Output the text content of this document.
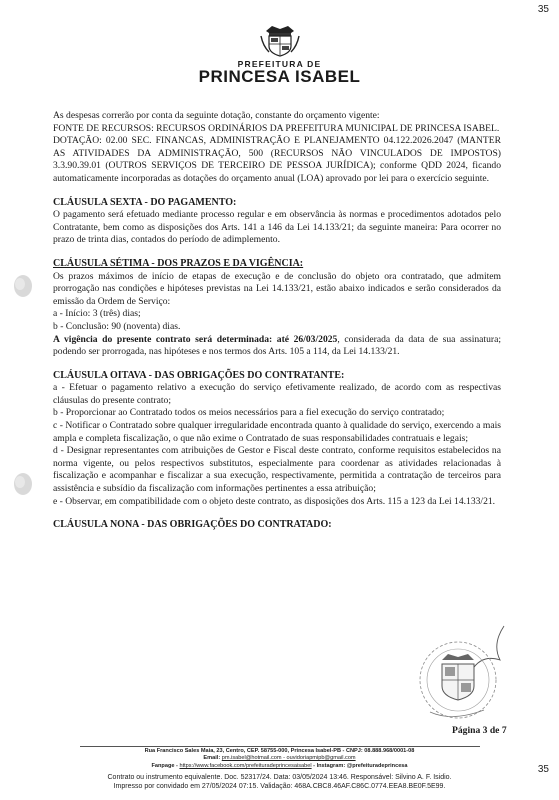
35
PREFEITURA DE
PRINCESA ISABEL

As despesas correrão por conta da seguinte dotação, constante do orçamento vigente:

FONTE DE RECURSOS: RECURSOS ORDINÁRIOS DA PREFEITURA MUNICIPAL DE PRINCESA ISABEL.

DOTAÇÃO: 02.00 SEC. FINANCAS, ADMINISTRAÇÃO E PLANEJAMENTO 04.122.2026.2047 (MANTER AS ATIVIDADES DA ADMINISTRAÇÃO, 500 (RECURSOS NÃO VINCULADOS DE IMPOSTOS) 3.3.90.39.01 (OUTROS SERVIÇOS DE TERCEIRO DE PESSOA JURÍDICA); conforme QDD 2024, ficando automaticamente incorporadas as dotações do orçamento anual (LOA) aprovado por lei para o exercício seguinte.

CLÁUSULA SEXTA - DO PAGAMENTO:

O pagamento será efetuado mediante processo regular e em observância às normas e procedimentos adotados pelo Contratante, bem como as disposições dos Arts. 141 a 146 da Lei 14.133/21; da seguinte maneira: Para ocorrer no prazo de trinta dias, contados do período de adimplemento.

CLÁUSULA SÉTIMA - DOS PRAZOS E DA VIGÊNCIA:

Os prazos máximos de início de etapas de execução e de conclusão do objeto ora contratado, que admitem prorrogação nas condições e hipóteses previstas na Lei 14.133/21, estão abaixo indicados e serão considerados da emissão da Ordem de Serviço:

a - Início: 3 (três) dias;

b - Conclusão: 90 (noventa) dias.

A vigência do presente contrato será determinada: até 26/03/2025, considerada da data de sua assinatura; podendo ser prorrogada, nas hipóteses e nos termos dos Arts. 105 a 114, da Lei 14.133/21.

CLÁUSULA OITAVA - DAS OBRIGAÇÕES DO CONTRATANTE:

a - Efetuar o pagamento relativo a execução do serviço efetivamente realizado, de acordo com as respectivas cláusulas do presente contrato;

b - Proporcionar ao Contratado todos os meios necessários para a fiel execução do serviço contratado;

c - Notificar o Contratado sobre qualquer irregularidade encontrada quanto à qualidade do serviço, exercendo a mais ampla e completa fiscalização, o que não exime o Contratado de suas responsabilidades contratuais e legais;

d - Designar representantes com atribuições de Gestor e Fiscal deste contrato, conforme requisitos estabelecidos na norma vigente, ou pelos respectivos substitutos, especialmente para coordenar as atividades relacionadas à fiscalização e acompanhar e fiscalizar a sua execução, respectivamente, permitida a contratação de terceiros para assistência e subsídio da fiscalização com informações pertinentes a essa atribuição;

e - Observar, em compatibilidade com o objeto deste contrato, as disposições dos Arts. 115 a 123 da Lei 14.133/21.

CLÁUSULA NONA - DAS OBRIGAÇÕES DO CONTRATADO:

Página 3 de 7
Rua Francisco Sales Maia, 23, Centro, CEP. 58755-000, Princesa Isabel-PB - CNPJ: 08.888.968/0001-08
Email: pm.isabel@hotmail.com - ouvidoriapmipb@gmail.com
Fanpage - https://www.facebook.com/prefeituradeprincesaisabel - Instagram: @prefeituradeprincesa
Contrato ou instrumento equivalente. Doc. 52317/24. Data: 03/05/2024 13:46. Responsável: Silvino A. F. Isidio.
Impresso por convidado em 27/05/2024 07:15. Validação: 468A.CBC8.46AF.C86C.0774.EEA8.BE0F.5E99.
35
